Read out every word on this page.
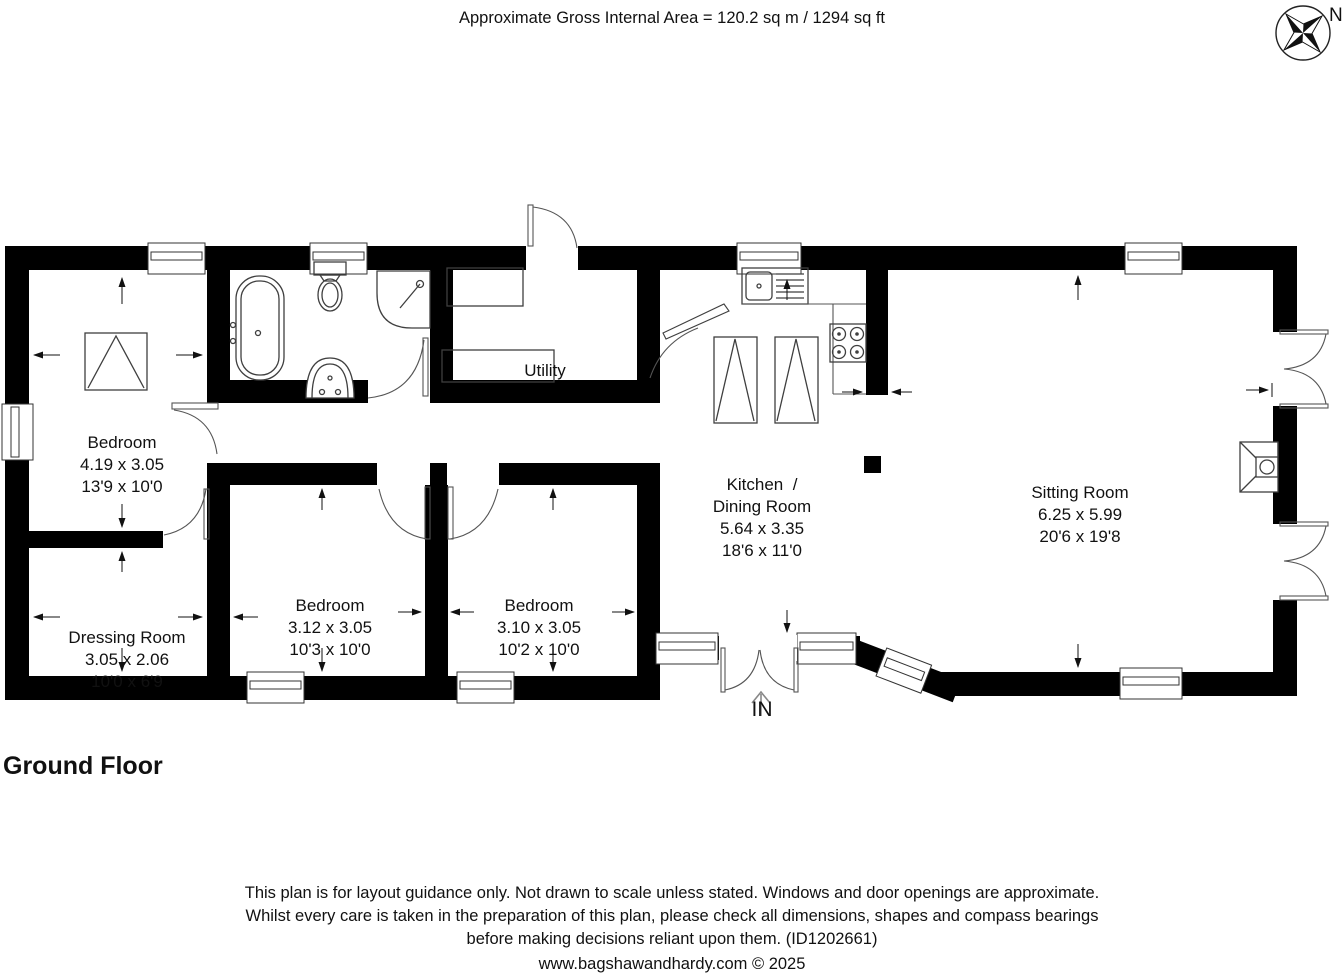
Approximate Gross Internal Area = 120.2 sq m / 1294 sq ft	N

Bedroom
4.19 x 3.05
13'9 x 10'0

Dressing Room
3.05 x 2.06
10'0 x 6'9

Bedroom
3.12 x 3.05
10'3 x 10'0

Bedroom
3.10 x 3.05
10'2 x 10'0

Utility

Kitchen  /
Dining Room
5.64 x 3.35
18'6 x 11'0

Sitting Room
6.25 x 5.99
20'6 x 19'8

IN
Ground Floor
This plan is for layout guidance only. Not drawn to scale unless stated. Windows and door openings are approximate.
Whilst every care is taken in the preparation of this plan, please check all dimensions, shapes and compass bearings
before making decisions reliant upon them. (ID1202661)
www.bagshawandhardy.com © 2025
